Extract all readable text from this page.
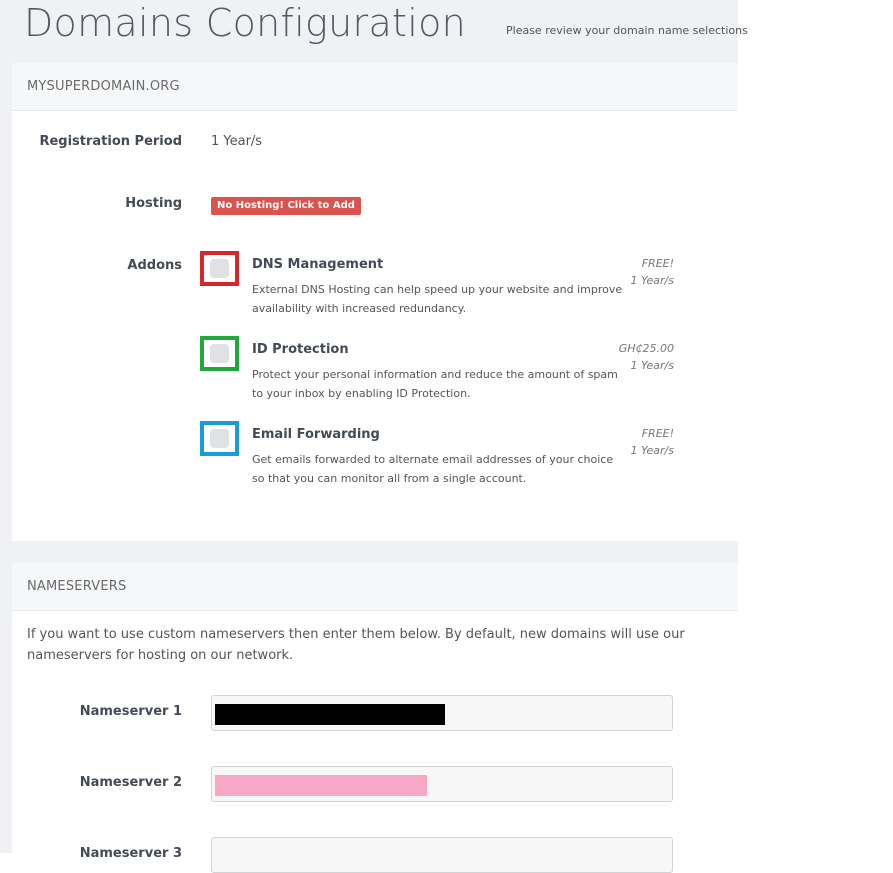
Domains Configuration	Please review your domain name selections
MYSUPERDOMAIN.ORG
Registration Period 1 Year/s
Hosting	No Hosting! Click to Add
Addons	DNS Management
External DNS Hosting can help speed up your website and improve availability with increased redundancy.
FREE!
1 Year/s
ID Protection
Protect your personal information and reduce the amount of spam to your inbox by enabling ID Protection.
GH₵25.00
1 Year/s
Email Forwarding
Get emails forwarded to alternate email addresses of your choice so that you can monitor all from a single account.
FREE!
1 Year/s
NAMESERVERS
If you want to use custom nameservers then enter them below. By default, new domains will use our nameservers for hosting on our network.
Nameserver 1
Nameserver 2
Nameserver 3
